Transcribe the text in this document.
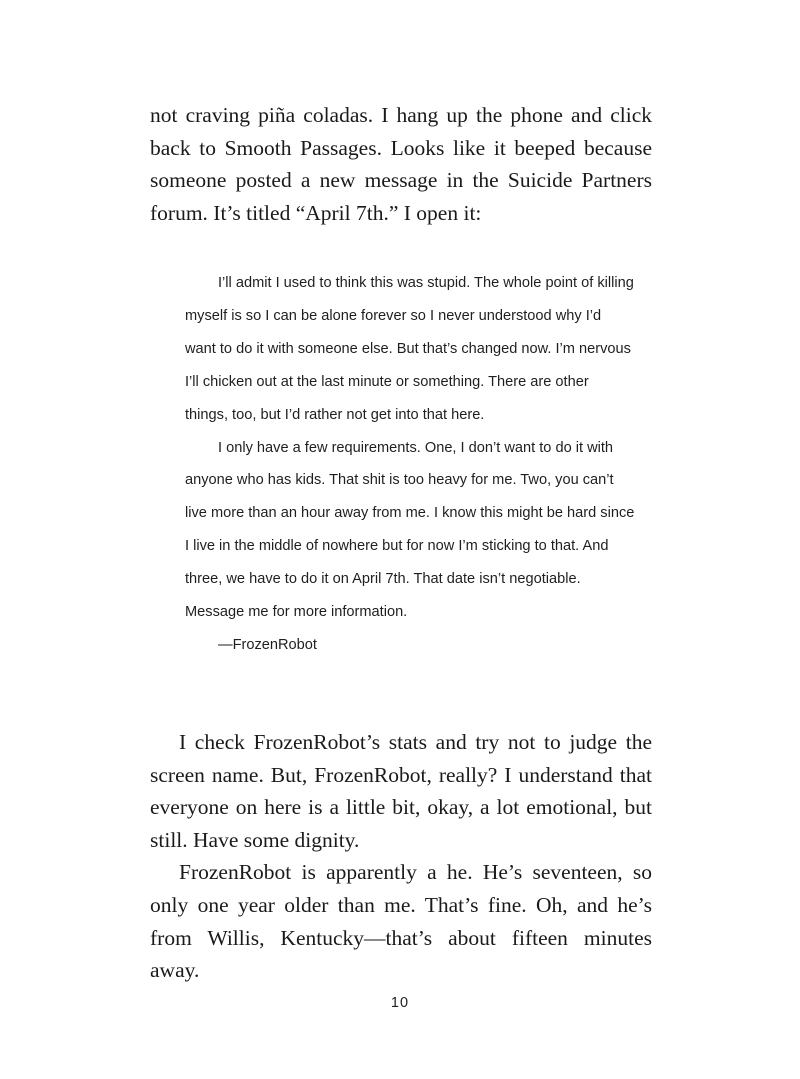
not craving piña coladas. I hang up the phone and click back to Smooth Passages. Looks like it beeped because someone posted a new message in the Suicide Partners forum. It’s titled “April 7th.” I open it:

I’ll admit I used to think this was stupid. The whole point of killing myself is so I can be alone forever so I never understood why I’d want to do it with someone else. But that’s changed now. I’m nervous I’ll chicken out at the last minute or something. There are other things, too, but I’d rather not get into that here.

I only have a few requirements. One, I don’t want to do it with anyone who has kids. That shit is too heavy for me. Two, you can’t live more than an hour away from me. I know this might be hard since I live in the middle of nowhere but for now I’m sticking to that. And three, we have to do it on April 7th. That date isn’t negotiable. Message me for more information.

—FrozenRobot

I check FrozenRobot’s stats and try not to judge the screen name. But, FrozenRobot, really? I understand that everyone on here is a little bit, okay, a lot emotional, but still. Have some dignity.

FrozenRobot is apparently a he. He’s seventeen, so only one year older than me. That’s fine. Oh, and he’s from Willis, Kentucky—that’s about fifteen minutes away.

10
